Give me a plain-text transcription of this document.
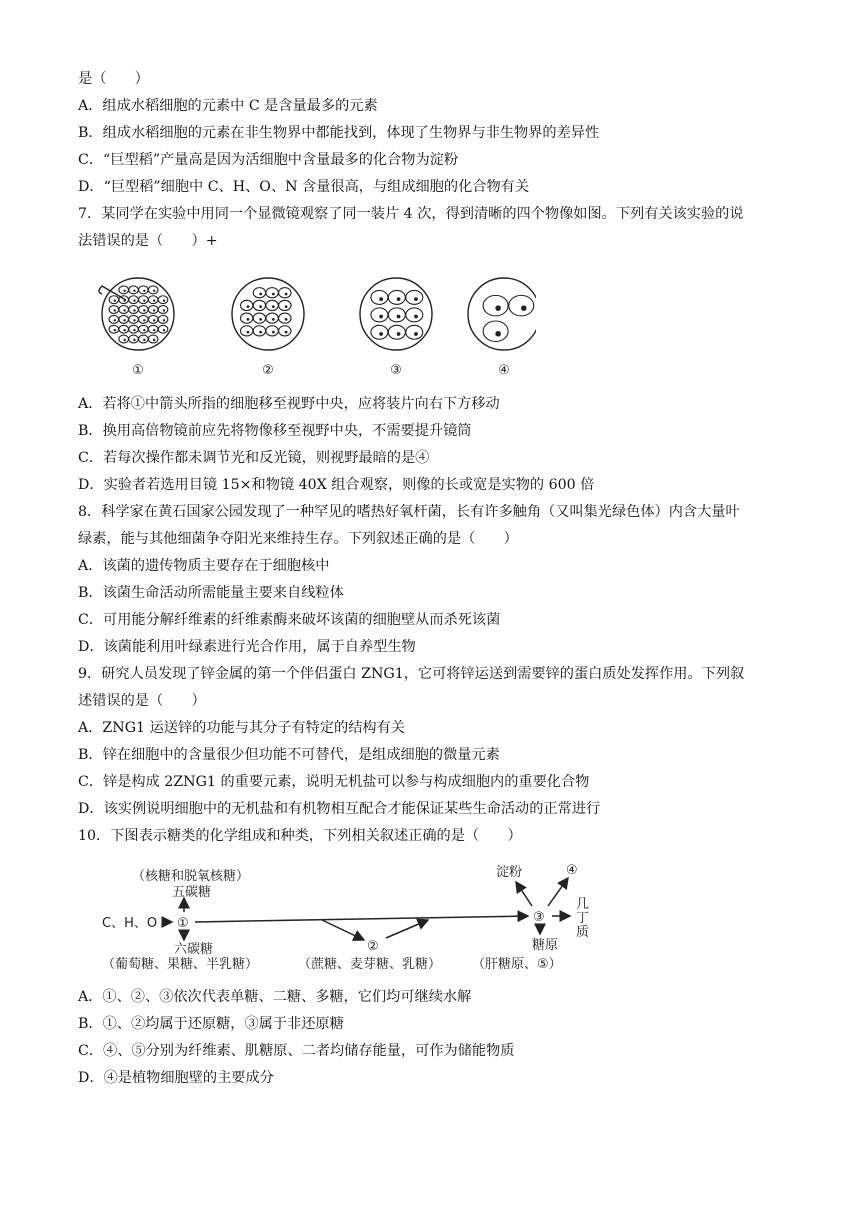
是（　　）
A．组成水稻细胞的元素中 C 是含量最多的元素
B．组成水稻细胞的元素在非生物界中都能找到，体现了生物界与非生物界的差异性
C．“巨型稻”产量高是因为活细胞中含量最多的化合物为淀粉
D．“巨型稻”细胞中 C、H、O、N 含量很高，与组成细胞的化合物有关
7．某同学在实验中用同一个显微镜观察了同一装片 4 次，得到清晰的四个物像如图。下列有关该实验的说
法错误的是（　　）+
①	②	③	④
A．若将①中箭头所指的细胞移至视野中央，应将装片向右下方移动
B．换用高倍物镜前应先将物像移至视野中央，不需要提升镜筒
C．若每次操作都未调节光和反光镜，则视野最暗的是④
D．实验者若选用目镜 15×和物镜 40X 组合观察，则像的长或宽是实物的 600 倍
8．科学家在黄石国家公园发现了一种罕见的嗜热好氧杆菌，长有许多触角（又叫集光绿色体）内含大量叶
绿素，能与其他细菌争夺阳光来维持生存。下列叙述正确的是（　　）
A．该菌的遗传物质主要存在于细胞核中
B．该菌生命活动所需能量主要来自线粒体
C．可用能分解纤维素的纤维素酶来破坏该菌的细胞壁从而杀死该菌
D．该菌能利用叶绿素进行光合作用，属于自养型生物
9．研究人员发现了锌金属的第一个伴侣蛋白 ZNG1，它可将锌运送到需要锌的蛋白质处发挥作用。下列叙
述错误的是（　　）
A．ZNG1 运送锌的功能与其分子有特定的结构有关
B．锌在细胞中的含量很少但功能不可替代，是组成细胞的微量元素
C．锌是构成 2ZNG1 的重要元素，说明无机盐可以参与构成细胞内的重要化合物
D．该实例说明细胞中的无机盐和有机物相互配合才能保证某些生命活动的正常进行
10．下图表示糖类的化学组成和种类，下列相关叙述正确的是（　　）
（核糖和脱氧核糖）
五碳糖
C、H、O ①
六碳糖
（葡萄糖、果糖、半乳糖）
②
（蔗糖、麦芽糖、乳糖）
③
淀粉	④
糖原
（肝糖原、⑤）
几
丁
质
A．①、②、③依次代表单糖、二糖、多糖，它们均可继续水解
B．①、②均属于还原糖，③属于非还原糖
C．④、⑤分别为纤维素、肌糖原、二者均储存能量，可作为储能物质
D．④是植物细胞壁的主要成分
